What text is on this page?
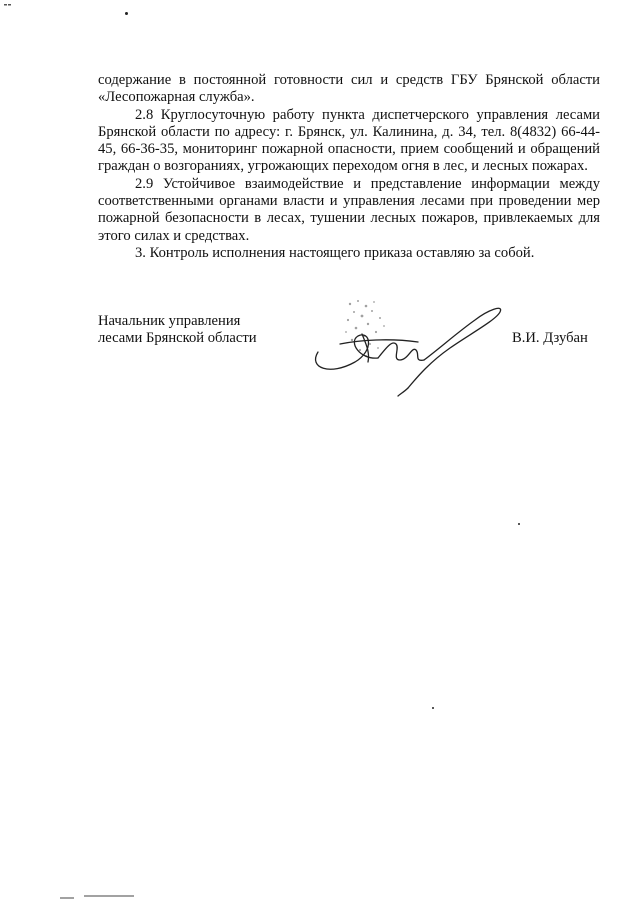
содержание в постоянной готовности сил и средств ГБУ Брянской области «Лесопожарная служба».

2.8 Круглосуточную работу пункта диспетчерского управления лесами Брянской области по адресу: г. Брянск, ул. Калинина, д. 34, тел. 8(4832) 66-44-45, 66-36-35, мониторинг пожарной опасности, прием сообщений и обращений граждан о возгораниях, угрожающих переходом огня в лес, и лесных пожарах.

2.9 Устойчивое взаимодействие и представление информации между соответственными органами власти и управления лесами при проведении мер пожарной безопасности в лесах, тушении лесных пожаров, привлекаемых для этого силах и средствах.

3. Контроль исполнения настоящего приказа оставляю за собой.

Начальник управления
лесами Брянской области	В.И. Дзубан
